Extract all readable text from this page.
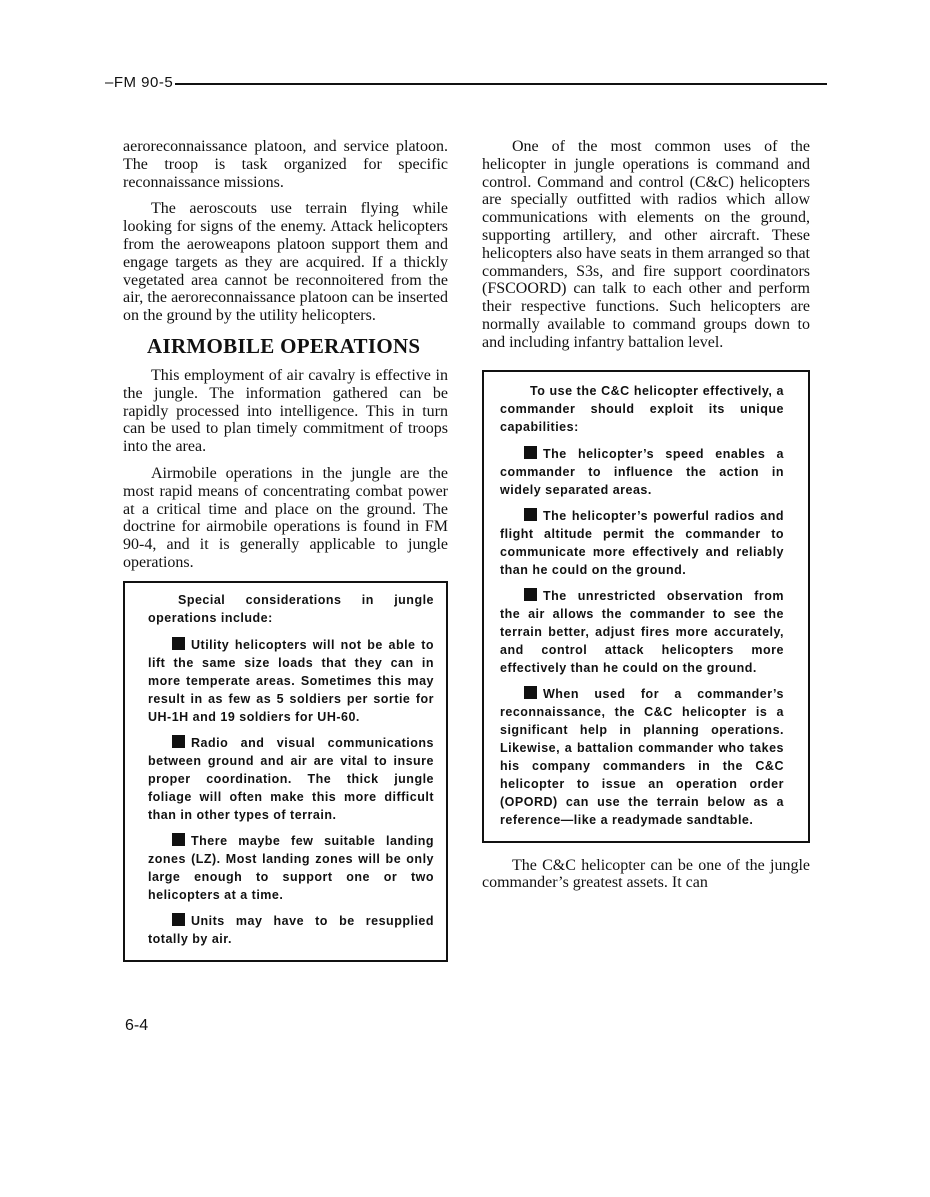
–FM 90-5

aeroreconnaissance platoon, and service platoon. The troop is task organized for specific reconnaissance missions.

The aeroscouts use terrain flying while looking for signs of the enemy. Attack helicopters from the aeroweapons platoon support them and engage targets as they are acquired. If a thickly vegetated area cannot be reconnoitered from the air, the aeroreconnaissance platoon can be inserted on the ground by the utility helicopters.

AIRMOBILE OPERATIONS

This employment of air cavalry is effective in the jungle. The information gathered can be rapidly processed into intelligence. This in turn can be used to plan timely commitment of troops into the area.

Airmobile operations in the jungle are the most rapid means of concentrating combat power at a critical time and place on the ground. The doctrine for airmobile operations is found in FM 90-4, and it is generally applicable to jungle operations.

Special considerations in jungle operations include:

Utility helicopters will not be able to lift the same size loads that they can in more temperate areas. Sometimes this may result in as few as 5 soldiers per sortie for UH-1H and 19 soldiers for UH-60.

Radio and visual communications between ground and air are vital to insure proper coordination. The thick jungle foliage will often make this more difficult than in other types of terrain.

There maybe few suitable landing zones (LZ). Most landing zones will be only large enough to support one or two helicopters at a time.

Units may have to be resupplied totally by air.

One of the most common uses of the helicopter in jungle operations is command and control. Command and control (C&C) helicopters are specially outfitted with radios which allow communications with elements on the ground, supporting artillery, and other aircraft. These helicopters also have seats in them arranged so that commanders, S3s, and fire support coordinators (FSCOORD) can talk to each other and perform their respective functions. Such helicopters are normally available to command groups down to and including infantry battalion level.

To use the C&C helicopter effectively, a commander should exploit its unique capabilities:

The helicopter’s speed enables a commander to influence the action in widely separated areas.

The helicopter’s powerful radios and flight altitude permit the commander to communicate more effectively and reliably than he could on the ground.

The unrestricted observation from the air allows the commander to see the terrain better, adjust fires more accurately, and control attack helicopters more effectively than he could on the ground.

When used for a commander’s reconnaissance, the C&C helicopter is a significant help in planning operations. Likewise, a battalion commander who takes his company commanders in the C&C helicopter to issue an operation order (OPORD) can use the terrain below as a reference—like a readymade sandtable.

The C&C helicopter can be one of the jungle commander’s greatest assets. It can

6-4
